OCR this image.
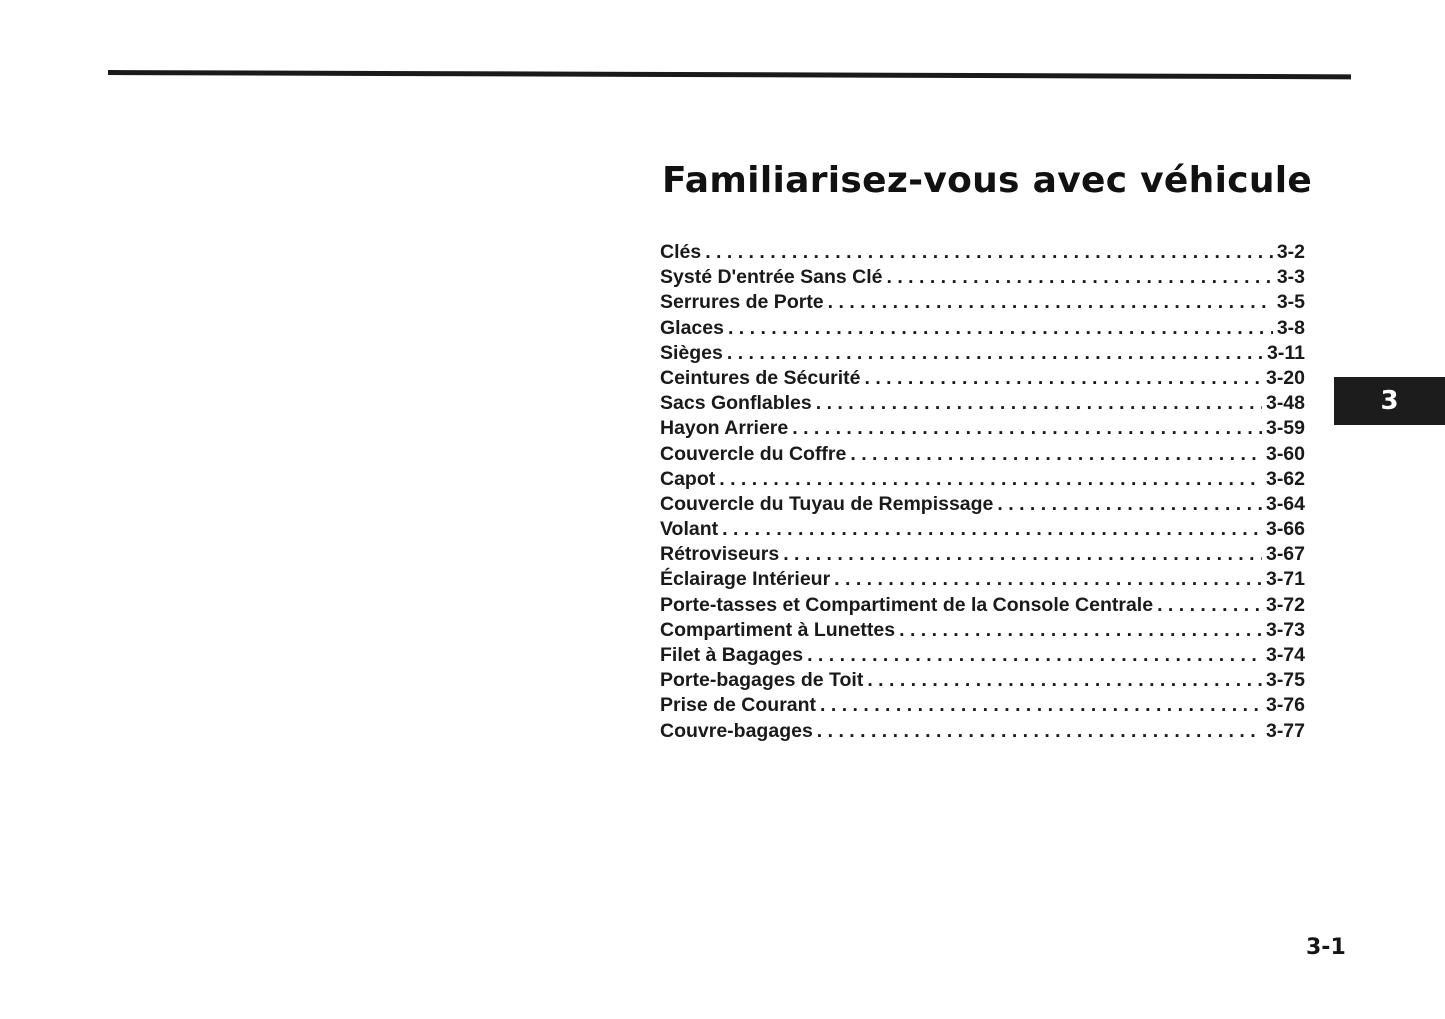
Familiarisez-vous avec véhicule
Clés . . .	3-2
Systé D'entrée Sans Clé . . .	3-3
Serrures de Porte . . .	3-5
Glaces . . .	3-8
Sièges . . .	3-11
Ceintures de Sécurité . . .	3-20
Sacs Gonflables . . .	3-48
Hayon Arriere . . .	3-59
Couvercle du Coffre . . .	3-60
Capot . . .	3-62
Couvercle du Tuyau de Rempissage . . .	3-64
Volant . . .	3-66
Rétroviseurs . . .	3-67
Éclairage Intérieur . . .	3-71
Porte-tasses et Compartiment de la Console Centrale . . .	3-72
Compartiment à Lunettes . . .	3-73
Filet à Bagages . . .	3-74
Porte-bagages de Toit . . .	3-75
Prise de Courant . . .	3-76
Couvre-bagages . . .	3-77
3
3-1
